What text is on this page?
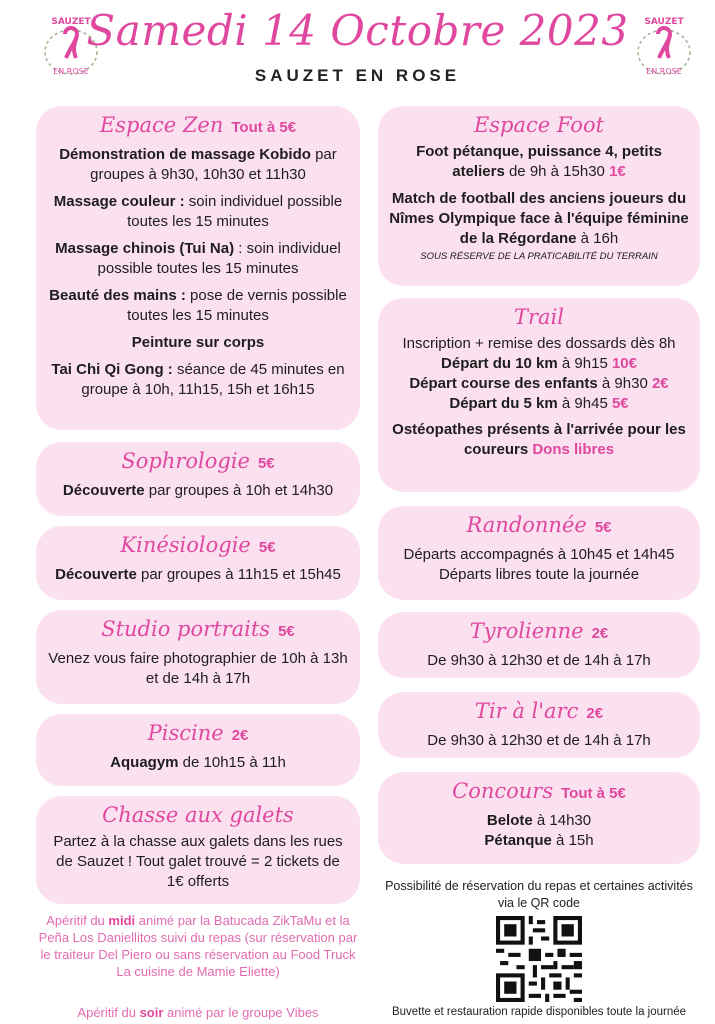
Samedi 14 Octobre 2023
SAUZET EN ROSE
SAUZET
EN ROSE
SAUZET
EN ROSE
Espace Zen Tout à 5€

Démonstration de massage Kobido par groupes à 9h30, 10h30 et 11h30

Massage couleur : soin individuel possible toutes les 15 minutes

Massage chinois (Tui Na) : soin individuel possible toutes les 15 minutes

Beauté des mains : pose de vernis possible toutes les 15 minutes

Peinture sur corps

Tai Chi Qi Gong : séance de 45 minutes en groupe à 10h, 11h15, 15h et 16h15

Sophrologie 5€

Découverte par groupes à 10h et 14h30

Kinésiologie 5€

Découverte par groupes à 11h15 et 15h45

Studio portraits 5€

Venez vous faire photographier de 10h à 13h et de 14h à 17h

Piscine 2€

Aquagym de 10h15 à 11h

Chasse aux galets

Partez à la chasse aux galets dans les rues de Sauzet ! Tout galet trouvé = 2 tickets de 1€ offerts

Apéritif du midi animé par la Batucada ZikTaMu et la Peña Los Daniellitos suivi du repas (sur réservation par le traiteur Del Piero ou sans réservation au Food Truck La cuisine de Mamie Eliette)
Apéritif du soir animé par le groupe Vibes
Espace Foot

Foot pétanque, puissance 4, petits ateliers de 9h à 15h30 1€

Match de football des anciens joueurs du Nîmes Olympique face à l'équipe féminine de la Régordane à 16h

SOUS RÉSERVE DE LA PRATICABILITÉ DU TERRAIN

Trail

Inscription + remise des dossards dès 8h

Départ du 10 km à 9h15 10€

Départ course des enfants à 9h30 2€

Départ du 5 km à 9h45 5€

Ostéopathes présents à l'arrivée pour les coureurs Dons libres

Randonnée 5€

Départs accompagnés à 10h45 et 14h45

Départs libres toute la journée

Tyrolienne 2€

De 9h30 à 12h30 et de 14h à 17h

Tir à l'arc 2€

De 9h30 à 12h30 et de 14h à 17h

Concours Tout à 5€

Belote à 14h30

Pétanque à 15h

Possibilité de réservation du repas et certaines activités via le QR code
Buvette et restauration rapide disponibles toute la journée
